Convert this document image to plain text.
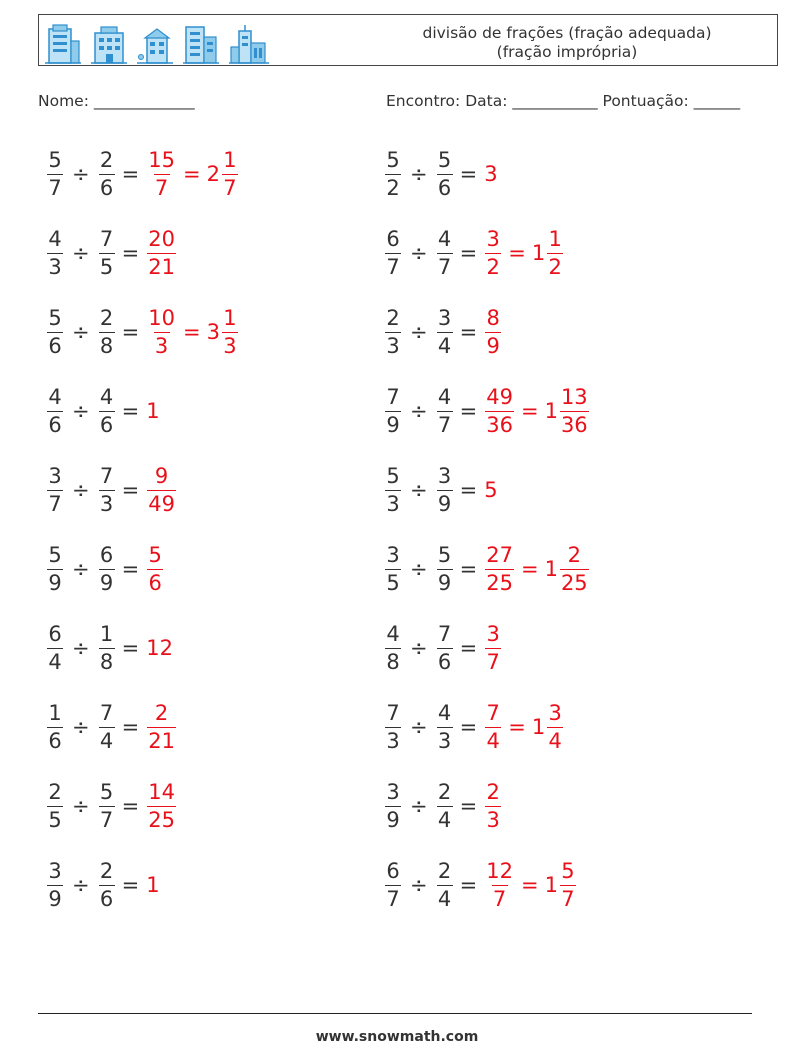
divisão de frações (fração adequada)
(fração imprópria)
Nome: _____________	Encontro: Data: ___________ Pontuação: ______
$\frac{5}{7} \div \frac{2}{6} = \frac{15}{7} = 2 \frac{1}{7}$	$\frac{5}{2} \div \frac{5}{6} = 3$
$\frac{4}{3} \div \frac{7}{5} = \frac{20}{21}$	$\frac{6}{7} \div \frac{4}{7} = \frac{3}{2} = 1 \frac{1}{2}$
$\frac{5}{6} \div \frac{2}{8} = \frac{10}{3} = 3 \frac{1}{3}$	$\frac{2}{3} \div \frac{3}{4} = \frac{8}{9}$
$\frac{4}{6} \div \frac{4}{6} = 1$	$\frac{7}{9} \div \frac{4}{7} = \frac{49}{36} = 1 \frac{13}{36}$
$\frac{3}{7} \div \frac{7}{3} = \frac{9}{49}$	$\frac{5}{3} \div \frac{3}{9} = 5$
$\frac{5}{9} \div \frac{6}{9} = \frac{5}{6}$	$\frac{3}{5} \div \frac{5}{9} = \frac{27}{25} = 1 \frac{2}{25}$
$\frac{6}{4} \div \frac{1}{8} = 12$	$\frac{4}{8} \div \frac{7}{6} = \frac{3}{7}$
$\frac{1}{6} \div \frac{7}{4} = \frac{2}{21}$	$\frac{7}{3} \div \frac{4}{3} = \frac{7}{4} = 1 \frac{3}{4}$
$\frac{2}{5} \div \frac{5}{7} = \frac{14}{25}$	$\frac{3}{9} \div \frac{2}{4} = \frac{2}{3}$
$\frac{3}{9} \div \frac{2}{6} = 1$	$\frac{6}{7} \div \frac{2}{4} = \frac{12}{7} = 1 \frac{5}{7}$
www.snowmath.com
